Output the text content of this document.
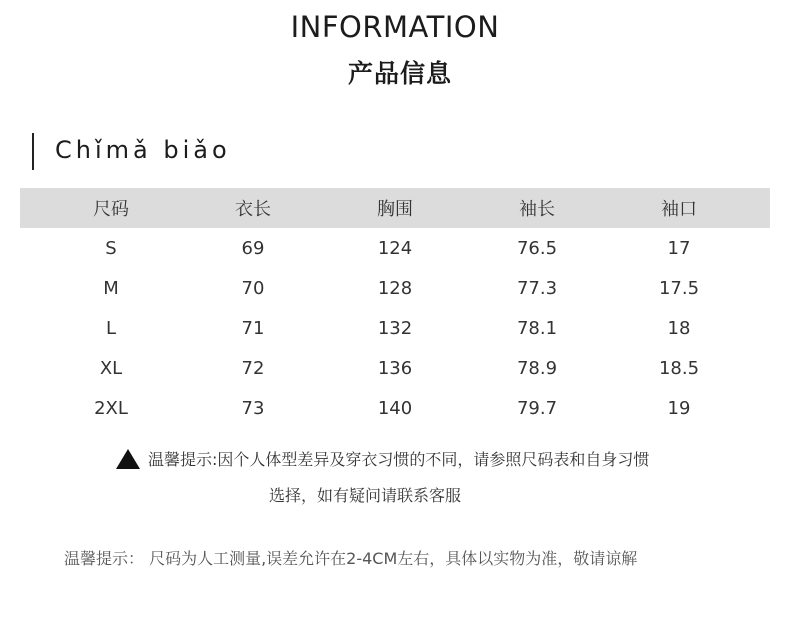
INFORMATION
产品信息
Chǐmǎ biǎo
尺码	衣长	胸围	袖长	袖口
S	69	124	76.5	17
M	70	128	77.3	17.5
L	71	132	78.1	18
XL	72	136	78.9	18.5
2XL	73	140	79.7	19
温馨提示:因个人体型差异及穿衣习惯的不同，请参照尺码表和自身习惯
选择，如有疑问请联系客服
温馨提示： 尺码为人工测量,误差允许在2-4CM左右，具体以实物为准，敬请谅解
